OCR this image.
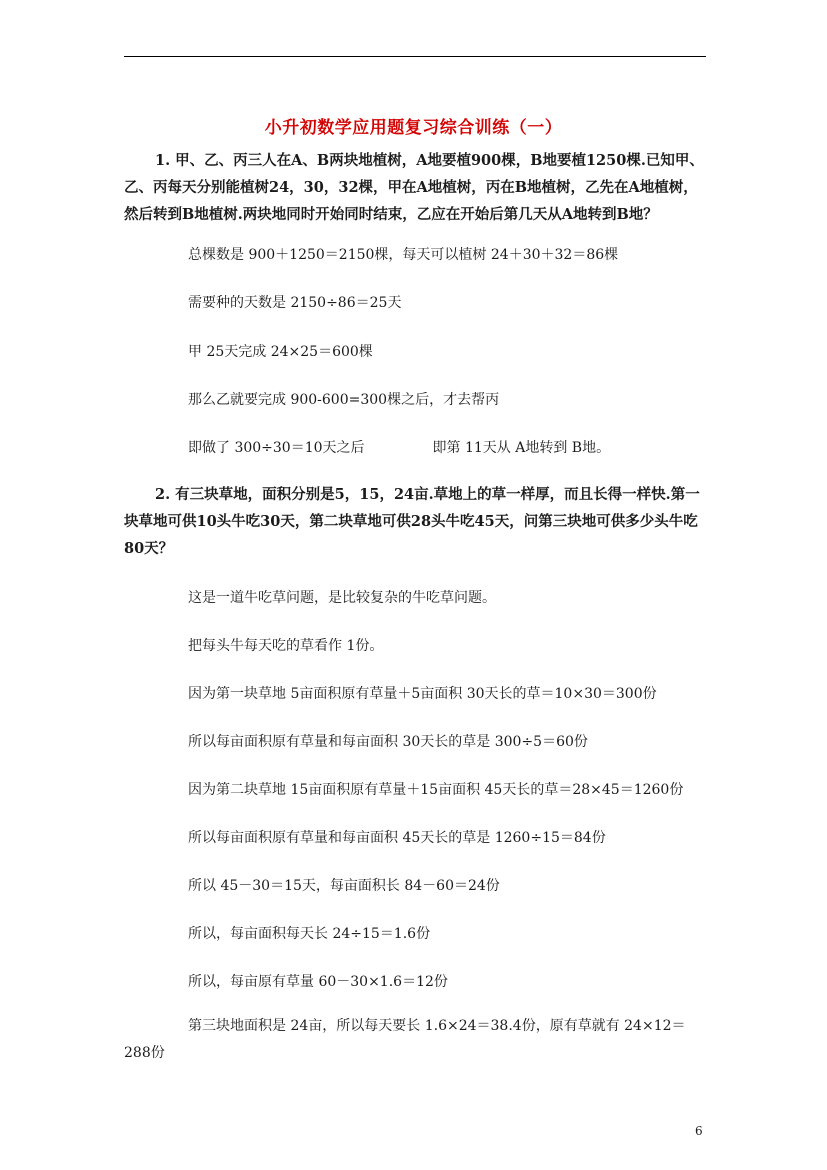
小升初数学应用题复习综合训练（一）
1. 甲、乙、丙三人在A、B两块地植树，A地要植900棵，B地要植1250棵.已知甲、乙、丙每天分别能植树24，30，32棵，甲在A地植树，丙在B地植树，乙先在A地植树，然后转到B地植树.两块地同时开始同时结束，乙应在开始后第几天从A地转到B地？
总棵数是 900＋1250＝2150棵，每天可以植树 24＋30＋32＝86棵
需要种的天数是 2150÷86＝25天
甲 25天完成 24×25＝600棵
那么乙就要完成 900-600=300棵之后，才去帮丙
即做了 300÷30＝10天之后	即第 11天从 A地转到 B地。
2. 有三块草地，面积分别是5，15，24亩.草地上的草一样厚，而且长得一样快.第一块草地可供10头牛吃30天，第二块草地可供28头牛吃45天，问第三块地可供多少头牛吃80天？
这是一道牛吃草问题，是比较复杂的牛吃草问题。
把每头牛每天吃的草看作 1份。
因为第一块草地 5亩面积原有草量＋5亩面积 30天长的草＝10×30＝300份
所以每亩面积原有草量和每亩面积 30天长的草是 300÷5＝60份
因为第二块草地 15亩面积原有草量＋15亩面积 45天长的草＝28×45＝1260份
所以每亩面积原有草量和每亩面积 45天长的草是 1260÷15＝84份
所以 45－30＝15天，每亩面积长 84－60＝24份
所以，每亩面积每天长 24÷15＝1.6份
所以，每亩原有草量 60－30×1.6＝12份
第三块地面积是 24亩，所以每天要长 1.6×24＝38.4份，原有草就有 24×12＝288份
6
